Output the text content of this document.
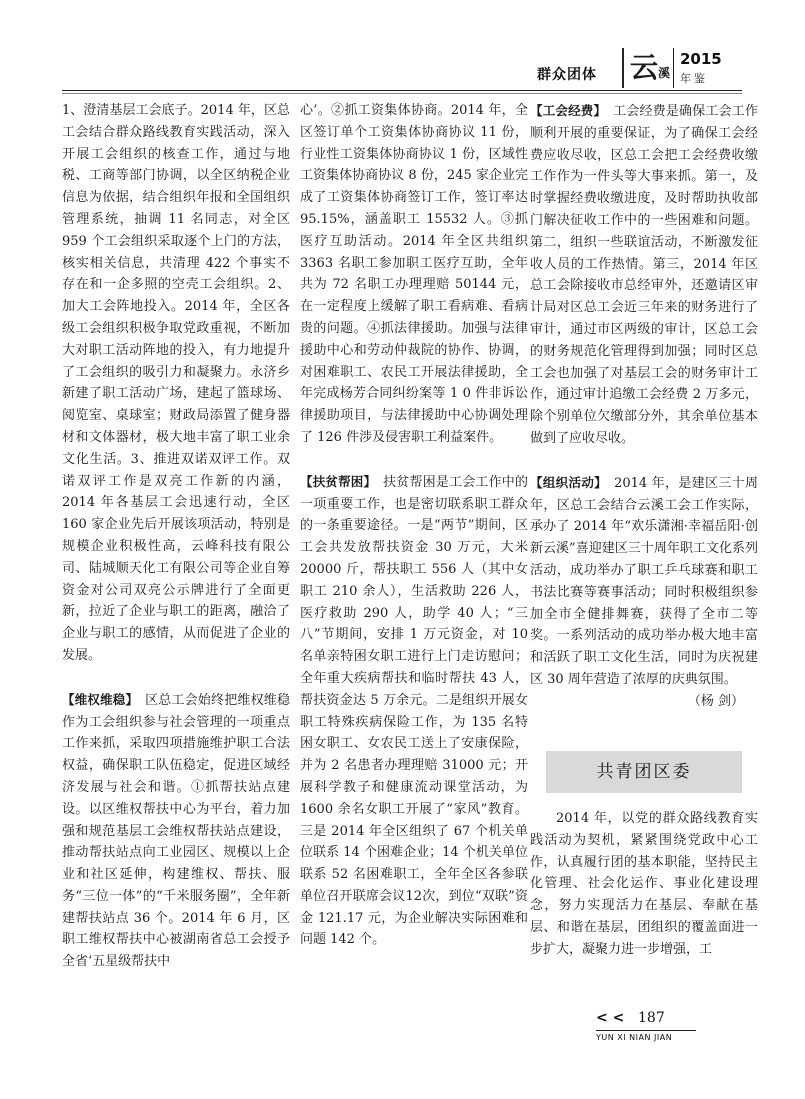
群众团体	云溪
2015
年鉴

1、澄清基层工会底子。2014 年，区总工会结合群众路线教育实践活动，深入开展工会组织的核查工作，通过与地税、工商等部门协调，以全区纳税企业信息为依据，结合组织年报和全国组织管理系统，抽调 11 名同志，对全区 959 个工会组织采取逐个上门的方法，核实相关信息，共清理 422 个事实不存在和一企多照的空壳工会组织。2、加大工会阵地投入。2014 年，全区各级工会组织积极争取党政重视，不断加大对职工活动阵地的投入，有力地提升了工会组织的吸引力和凝聚力。永济乡新建了职工活动广场，建起了篮球场、阅览室、桌球室；财政局添置了健身器材和文体器材，极大地丰富了职工业余文化生活。3、推进双诺双评工作。双诺双评工作是双亮工作新的内涵，2014 年各基层工会迅速行动，全区 160 家企业先后开展该项活动，特别是规模企业积极性高，云峰科技有限公司、陆城顺天化工有限公司等企业自筹资金对公司双亮公示牌进行了全面更新，拉近了企业与职工的距离，融洽了企业与职工的感情，从而促进了企业的发展。

【维权维稳】　 区总工会始终把维权维稳作为工会组织参与社会管理的一项重点工作来抓，采取四项措施维护职工合法权益，确保职工队伍稳定，促进区域经济发展与社会和谐。①抓帮扶站点建设。以区维权帮扶中心为平台，着力加强和规范基层工会维权帮扶站点建设，推动帮扶站点向工业园区、规模以上企业和社区延伸，构建维权、帮扶、服务“三位一体”的“千米服务圈”，全年新建帮扶站点 36 个。2014 年 6 月，区职工维权帮扶中心被湖南省总工会授予全省‘五星级帮扶中

心’。②抓工资集体协商。2014 年，全区签订单个工资集体协商协议 11 份，行业性工资集体协商协议 1 份，区域性工资集体协商协议 8 份，245 家企业完成了工资集体协商签订工作，签订率达 95.15%，涵盖职工 15532 人。③抓医疗互助活动。2014 年全区共组织 3363 名职工参加职工医疗互助，全年共为 72 名职工办理理赔 50144 元，在一定程度上缓解了职工看病难、看病贵的问题。④抓法律援助。加强与法律援助中心和劳动仲裁院的协作、协调，对困难职工、农民工开展法律援助，全年完成杨芳合同纠纷案等 1 0 件非诉讼律援助项目，与法律援助中心协调处理了 126 件涉及侵害职工利益案件。

【扶贫帮困】　 扶贫帮困是工会工作中的一项重要工作，也是密切联系职工群众的一条重要途径。一是“两节”期间，区工会共发放帮扶资金 30 万元，大米 20000 斤，帮扶职工 556 人（其中女职工 210 余人），生活救助 226 人，医疗救助 290 人，助学 40 人；“三八”节期间，安排 1 万元资金，对 10 名单亲特困女职工进行上门走访慰问；全年重大疾病帮扶和临时帮扶 43 人，帮扶资金达 5 万余元。二是组织开展女职工特殊疾病保险工作，为 135 名特困女职工、女农民工送上了安康保险，并为 2 名患者办理理赔 31000 元；开展科学教子和健康流动课堂活动，为 1600 余名女职工开展了“家风”教育。三是 2014 年全区组织了 67 个机关单位联系 14 个困难企业；14 个机关单位联系 52 名困难职工，全年全区各参联单位召开联席会议12次，到位“双联”资金 121.17 元，为企业解决实际困难和问题 142 个。

【工会经费】　 工会经费是确保工会工作顺利开展的重要保证，为了确保工会经费应收尽收，区总工会把工会经费收缴工作作为一件头等大事来抓。第一，及时掌握经费收缴进度，及时帮助执收部门解决征收工作中的一些困难和问题。第二，组织一些联谊活动，不断激发征收人员的工作热情。第三，2014 年区总工会除接收市总经审外，还邀请区审计局对区总工会近三年来的财务进行了审计，通过市区两级的审计，区总工会的财务规范化管理得到加强；同时区总工会也加强了对基层工会的财务审计工作，通过审计追缴工会经费 2 万多元，除个别单位欠缴部分外，其余单位基本做到了应收尽收。

【组织活动】　 2014 年，是建区三十周年，区总工会结合云溪工会工作实际，承办了 2014 年“欢乐潇湘·幸福岳阳·创新云溪”喜迎建区三十周年职工文化系列活动，成功举办了职工乒乓球赛和职工书法比赛等赛事活动；同时积极组织参加全市全健排舞赛，获得了全市二等奖。一系列活动的成功举办极大地丰富和活跃了职工文化生活，同时为庆祝建区 30 周年营造了浓厚的庆典氛围。
（杨 剑）

共青团区委

2014 年，以党的群众路线教育实践活动为契机，紧紧围绕党政中心工作，认真履行团的基本职能，坚持民主化管理、社会化运作、事业化建设理念，努力实现活力在基层、奉献在基层、和谐在基层，团组织的覆盖面进一步扩大，凝聚力进一步增强，工

< < 187
YUN XI NIAN JIAN
